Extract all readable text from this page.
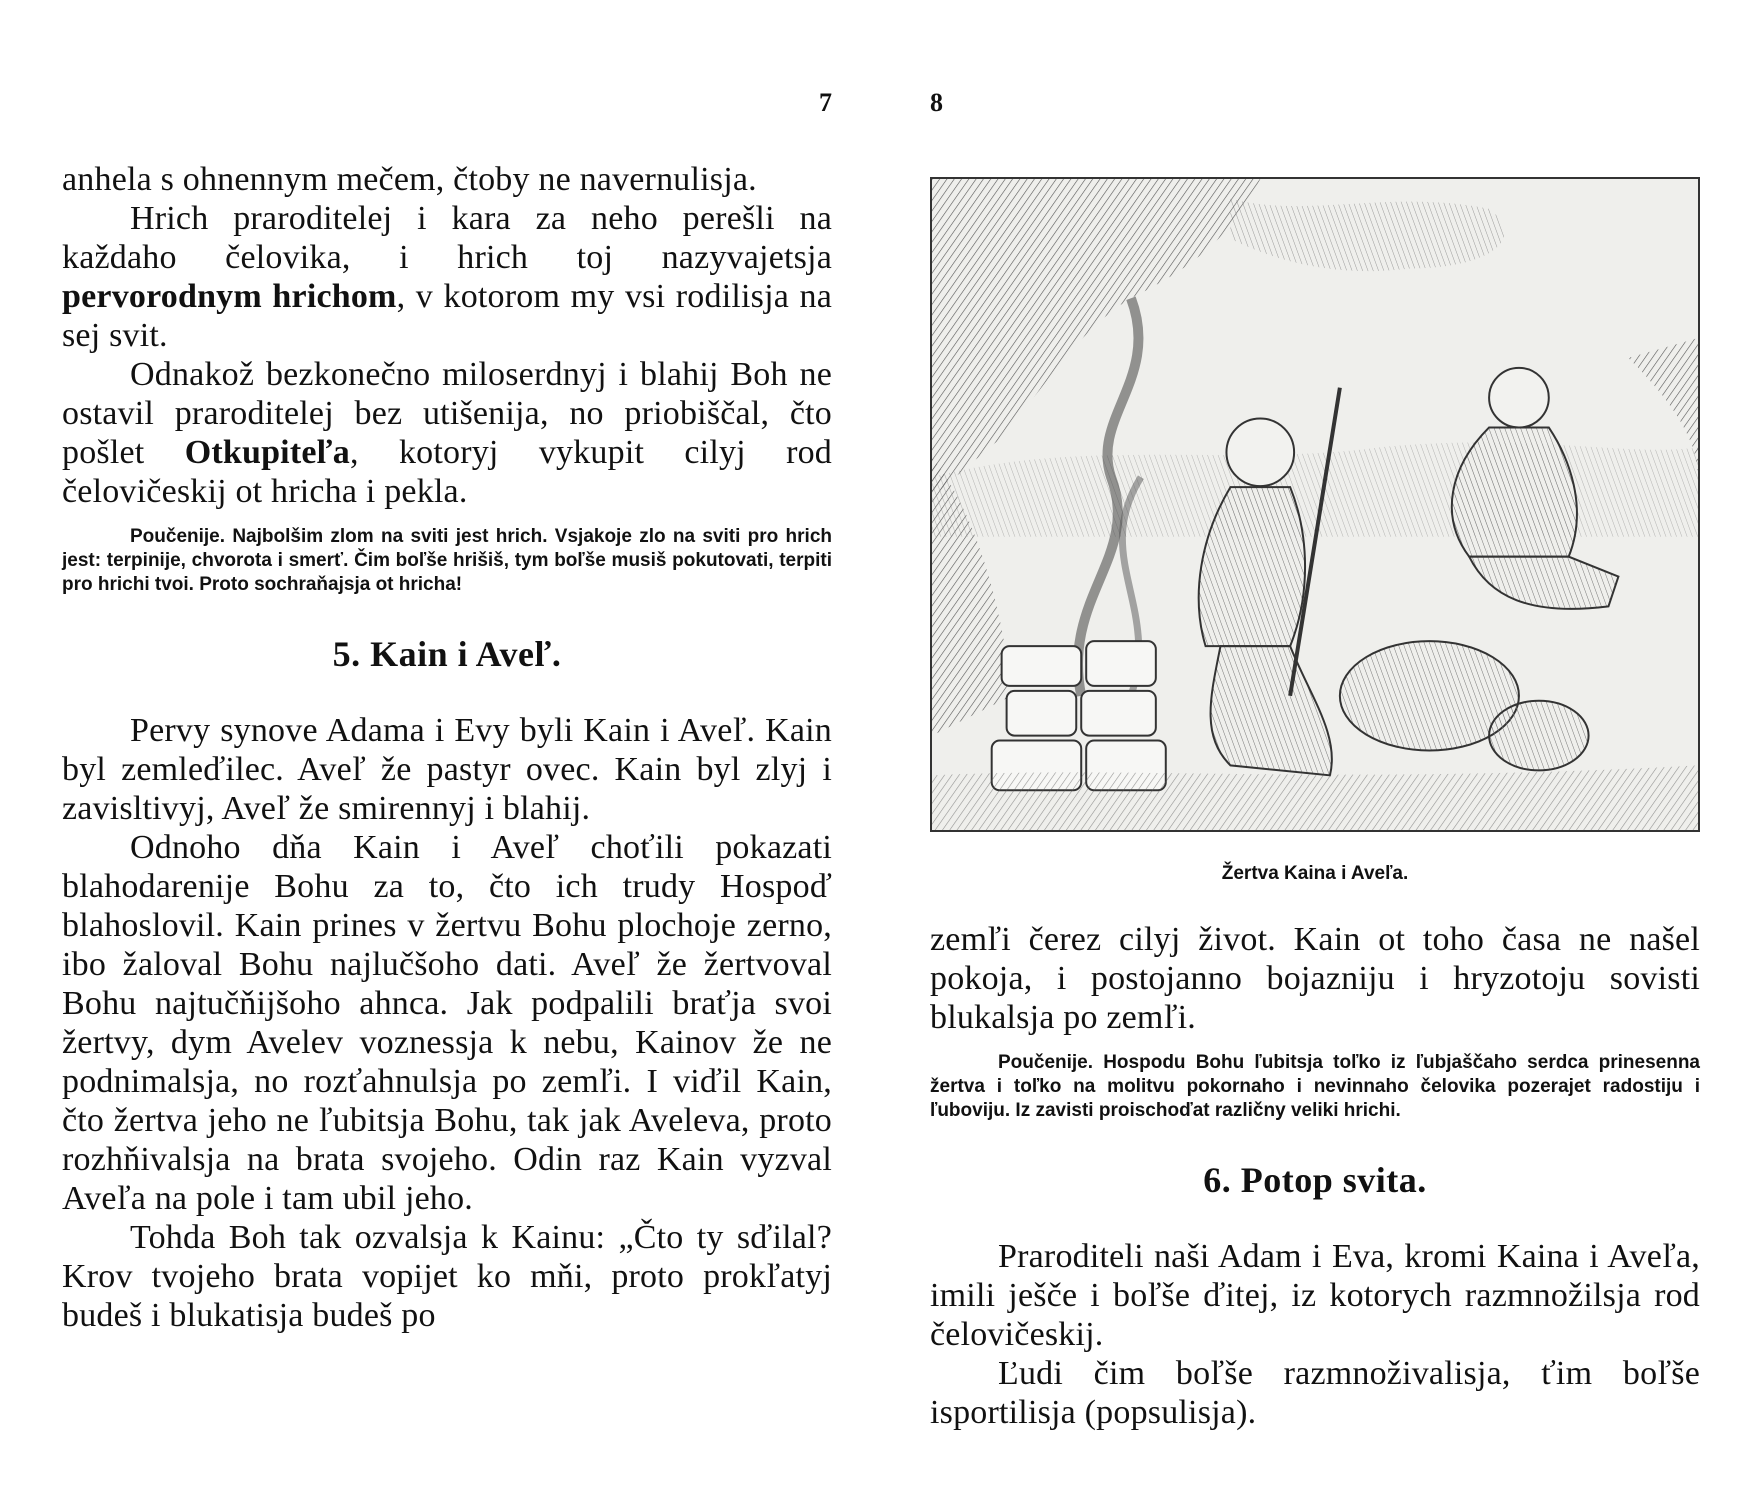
7

anhela s ohnennym mečem, čtoby ne navernulisja.

Hrich praroditelej i kara za neho perešli na každaho čelovika, i hrich toj nazyvajetsja pervorodnym hrichom, v kotorom my vsi rodilisja na sej svit.

Odnakož bezkonečno miloserdnyj i blahij Boh ne ostavil praroditelej bez utišenija, no priobiščal, čto pošlet Otkupiteľa, kotoryj vykupit cilyj rod čelovičeskij ot hricha i pekla.

Poučenije. Najbolšim zlom na sviti jest hrich. Vsjakoje zlo na sviti pro hrich jest: terpinije, chvorota i smerť. Čim boľše hrišiš, tym boľše musiš pokutovati, terpiti pro hrichi tvoi. Proto sochraňajsja ot hricha!

5. Kain i Aveľ.

Pervy synove Adama i Evy byli Kain i Aveľ. Kain byl zemleďilec. Aveľ že pastyr ovec. Kain byl zlyj i zavisltivyj, Aveľ že smirennyj i blahij.

Odnoho dňa Kain i Aveľ choťili pokazati blahodarenije Bohu za to, čto ich trudy Hospoď blahoslovil. Kain prines v žertvu Bohu plochoje zerno, ibo žaloval Bohu najlučšoho dati. Aveľ že žertvoval Bohu najtučňijšoho ahnca. Jak podpalili braťja svoi žertvy, dym Avelev voznessja k nebu, Kainov že ne podnimalsja, no rozťahnulsja po zemľi. I viďil Kain, čto žertva jeho ne ľubitsja Bohu, tak jak Aveleva, proto rozhňivalsja na brata svojeho. Odin raz Kain vyzval Aveľa na pole i tam ubil jeho.

Tohda Boh tak ozvalsja k Kainu: „Čto ty sďilal? Krov tvojeho brata vopijet ko mňi, proto prokľatyj budeš i blukatisja budeš po

8
Žertva Kaina i Aveľa.

zemľi čerez cilyj život. Kain ot toho časa ne našel pokoja, i postojanno bojazniju i hryzotoju sovisti blukalsja po zemľi.

Poučenije. Hospodu Bohu ľubitsja toľko iz ľubjaščaho serdca prinesenna žertva i toľko na molitvu pokornaho i nevinnaho čelovika pozerajet radostiju i ľuboviju. Iz zavisti proischoďat različny veliki hrichi.

6. Potop svita.

Praroditeli naši Adam i Eva, kromi Kaina i Aveľa, imili ješče i boľše ďitej, iz kotorych razmnožilsja rod čelovičeskij.

Ľudi čim boľše razmnoživalisja, ťim boľše isportilisja (popsulisja).
